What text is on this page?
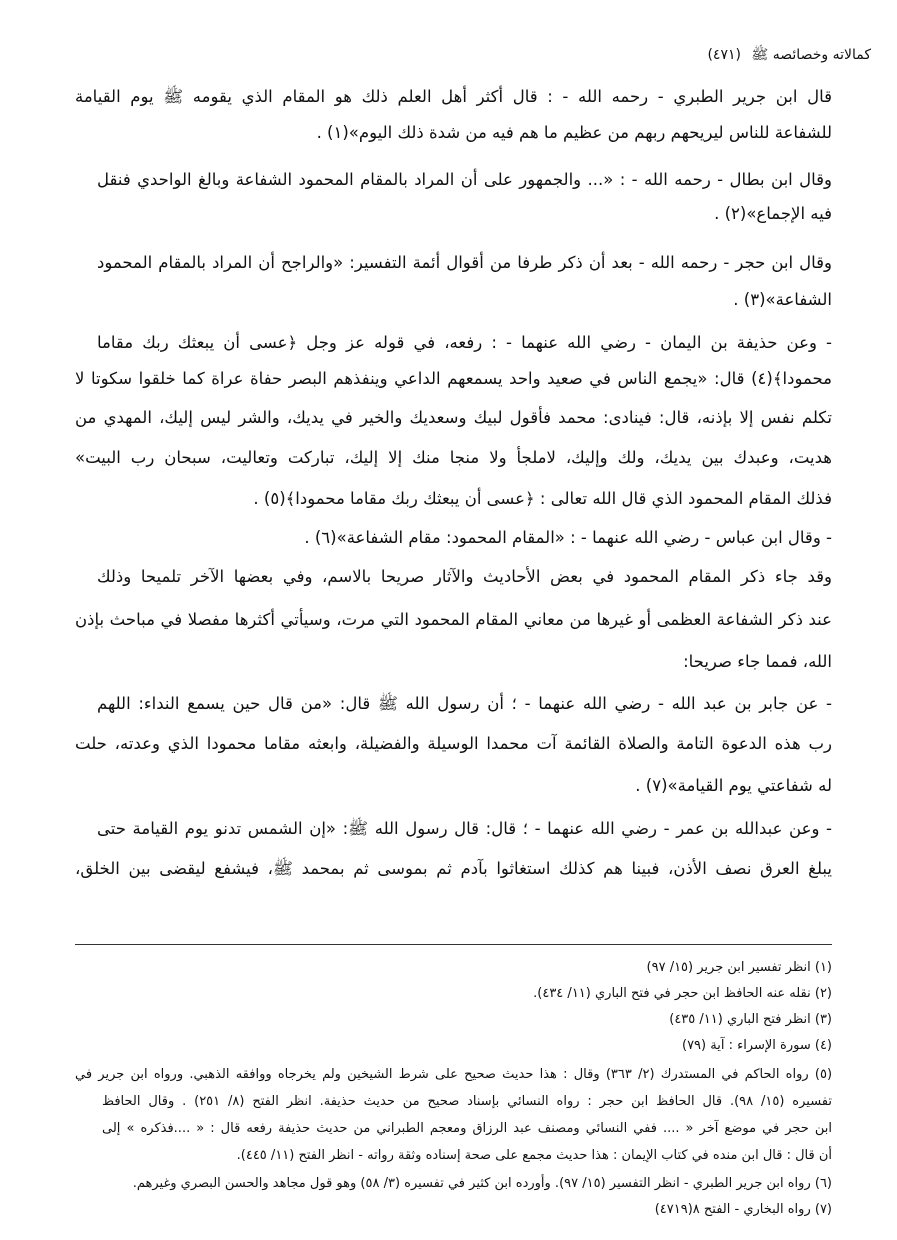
كمالاته وخصائصه ﷺ (٤٧١)
قال ابن جرير الطبري - رحمه الله - : قال أكثر أهل العلم ذلك هو المقام الذي يقومه ﷺ يوم القيامة
للشفاعة للناس ليريحهم ربهم من عظيم ما هم فيه من شدة ذلك اليوم»(١) .
وقال ابن بطال - رحمه الله - : «... والجمهور على أن المراد بالمقام المحمود الشفاعة وبالغ الواحدي فنقل
فيه الإجماع»(٢) .
وقال ابن حجر - رحمه الله - بعد أن ذكر طرفا من أقوال أئمة التفسير: «والراجح أن المراد بالمقام المحمود
الشفاعة»(٣) .
- وعن حذيفة بن اليمان - رضي الله عنهما - : رفعه، في قوله عز وجل ﴿عسى أن يبعثك ربك مقاما
محمودا﴾(٤) قال: «يجمع الناس في صعيد واحد يسمعهم الداعي وينفذهم البصر حفاة عراة كما خلقوا سكوتا لا
تكلم نفس إلا بإذنه، قال: فينادى: محمد فأقول لبيك وسعديك والخير في يديك، والشر ليس إليك، المهدي من
هديت، وعبدك بين يديك، ولك وإليك، لاملجأ ولا منجا منك إلا إليك، تباركت وتعاليت، سبحان رب البيت»
فذلك المقام المحمود الذي قال الله تعالى : ﴿عسى أن يبعثك ربك مقاما محمودا﴾(٥) .
- وقال ابن عباس - رضي الله عنهما - : «المقام المحمود: مقام الشفاعة»(٦) .
وقد جاء ذكر المقام المحمود في بعض الأحاديث والآثار صريحا بالاسم، وفي بعضها الآخر تلميحا وذلك
عند ذكر الشفاعة العظمى أو غيرها من معاني المقام المحمود التي مرت، وسيأتي أكثرها مفصلا في مباحث بإذن
الله، فمما جاء صريحا:
- عن جابر بن عبد الله - رضي الله عنهما - ؛ أن رسول الله ﷺ قال: «من قال حين يسمع النداء: اللهم
رب هذه الدعوة التامة والصلاة القائمة آت محمدا الوسيلة والفضيلة، وابعثه مقاما محمودا الذي وعدته، حلت
له شفاعتي يوم القيامة»(٧) .
- وعن عبدالله بن عمر - رضي الله عنهما - ؛ قال: قال رسول الله ﷺ: «إن الشمس تدنو يوم القيامة حتى
يبلغ العرق نصف الأذن، فبينا هم كذلك استغاثوا بآدم ثم بموسى ثم بمحمد ﷺ، فيشفع ليقضى بين الخلق،
(١) انظر تفسير ابن جرير (١٥/ ٩٧)
(٢) نقله عنه الحافظ ابن حجر في فتح الباري (١١/ ٤٣٤).
(٣) انظر فتح الباري (١١/ ٤٣٥)
(٤) سورة الإسراء : آية (٧٩)
(٥) رواه الحاكم في المستدرك (٢/ ٣٦٣) وقال : هذا حديث صحيح على شرط الشيخين ولم يخرجاه ووافقه الذهبي. ورواه ابن جرير في
تفسيره (١٥/ ٩٨). قال الحافظ ابن حجر : رواه النسائي بإسناد صحيح من حديث حذيفة. انظر الفتح (٨/ ٢٥١) . وقال الحافظ
ابن حجر في موضع آخر « .... ففي النسائي ومصنف عبد الرزاق ومعجم الطبراني من حديث حذيفة رفعه قال : « ....فذكره » إلى
أن قال : قال ابن منده في كتاب الإيمان : هذا حديث مجمع على صحة إسناده وثقة رواته - انظر الفتح (١١/ ٤٤٥).
(٦) رواه ابن جرير الطبري - انظر التفسير (١٥/ ٩٧). وأورده ابن كثير في تفسيره (٣/ ٥٨) وهو قول مجاهد والحسن البصري وغيرهم.
(٧) رواه البخاري - الفتح ٨(٤٧١٩)
